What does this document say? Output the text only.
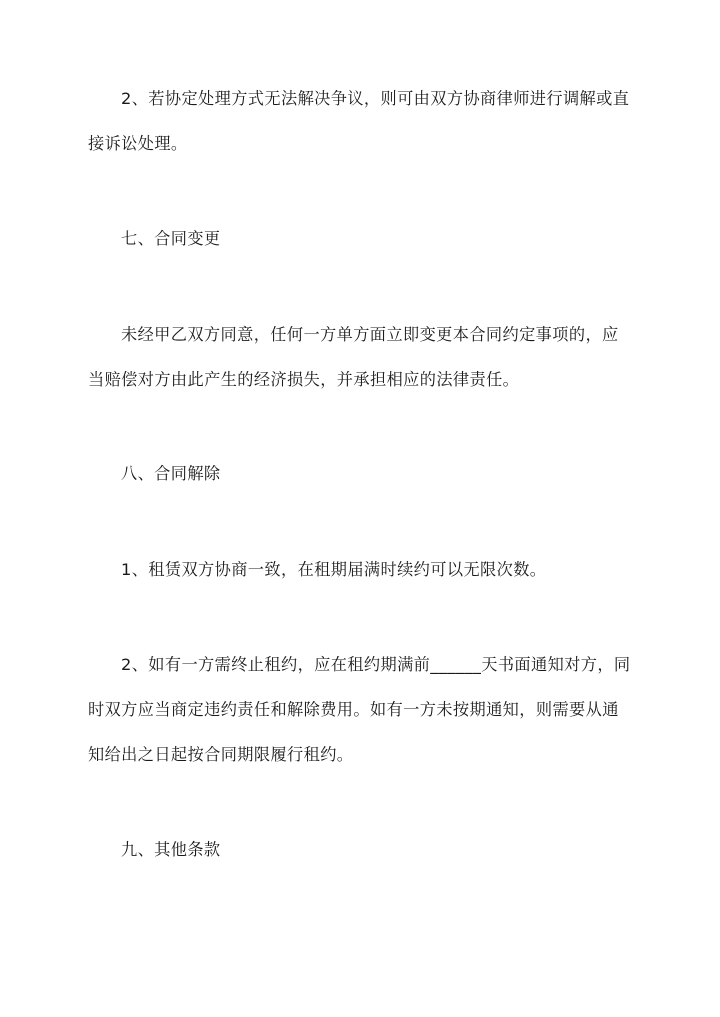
2、若协定处理方式无法解决争议，则可由双方协商律师进行调解或直接诉讼处理。

七、合同变更

未经甲乙双方同意，任何一方单方面立即变更本合同约定事项的，应当赔偿对方由此产生的经济损失，并承担相应的法律责任。

八、合同解除

1、租赁双方协商一致，在租期届满时续约可以无限次数。

2、如有一方需终止租约，应在租约期满前______天书面通知对方，同时双方应当商定违约责任和解除费用。如有一方未按期通知，则需要从通知给出之日起按合同期限履行租约。

九、其他条款
